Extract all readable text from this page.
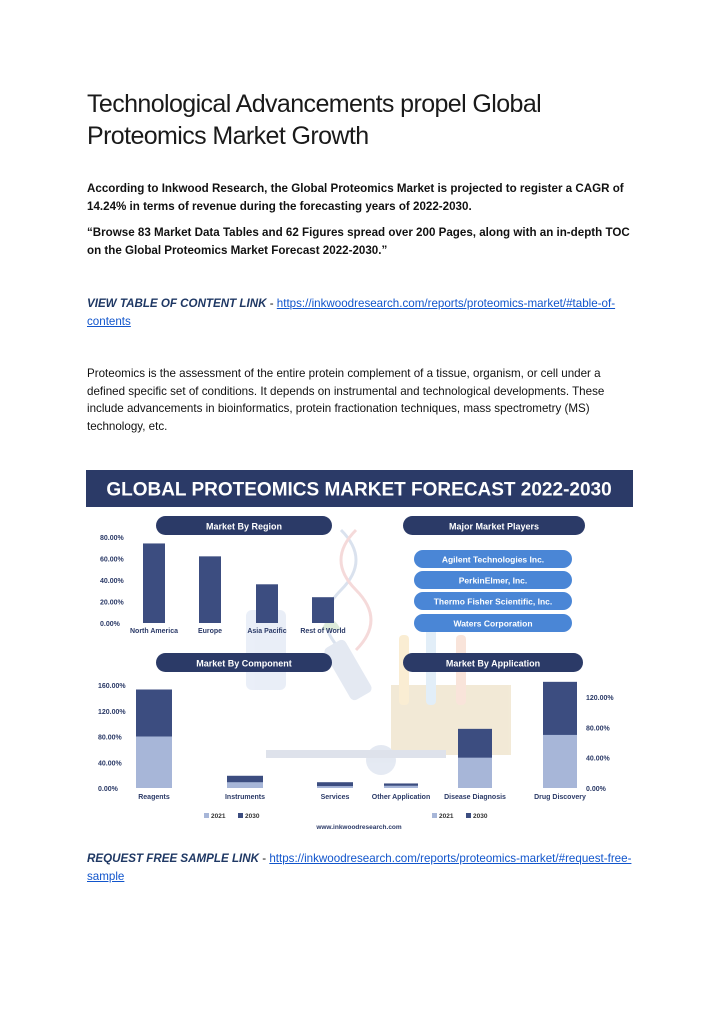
Technological Advancements propel Global Proteomics Market Growth

According to Inkwood Research, the Global Proteomics Market is projected to register a CAGR of 14.24% in terms of revenue during the forecasting years of 2022-2030.

“Browse 83 Market Data Tables and 62 Figures spread over 200 Pages, along with an in-depth TOC on the Global Proteomics Market Forecast 2022-2030.”

VIEW TABLE OF CONTENT LINK - https://inkwoodresearch.com/reports/proteomics-market/#table-of-contents

Proteomics is the assessment of the entire protein complement of a tissue, organism, or cell under a defined specific set of conditions. It depends on instrumental and technological developments. These include advancements in bioinformatics, protein fractionation techniques, mass spectrometry (MS) technology, etc.

GLOBAL PROTEOMICS MARKET FORECAST 2022-2030
Market By Region	Major Market Players
Market By Component	Market By Application
Agilent Technologies Inc.
PerkinElmer, Inc.
Thermo Fisher Scientific, Inc.
Waters Corporation
80.00%
60.00%
40.00%
20.00%
0.00%
North America	Europe	Asia Pacific Rest of World
160.00%
120.00%
80.00%
40.00%
0.00%
Reagents	Instruments	Services
120.00%
80.00%
40.00%
0.00%
Other Application Disease Diagnosis	Drug Discovery
2021	2030	2021	2030
www.inkwoodresearch.com

REQUEST FREE SAMPLE LINK - https://inkwoodresearch.com/reports/proteomics-market/#request-free-sample
